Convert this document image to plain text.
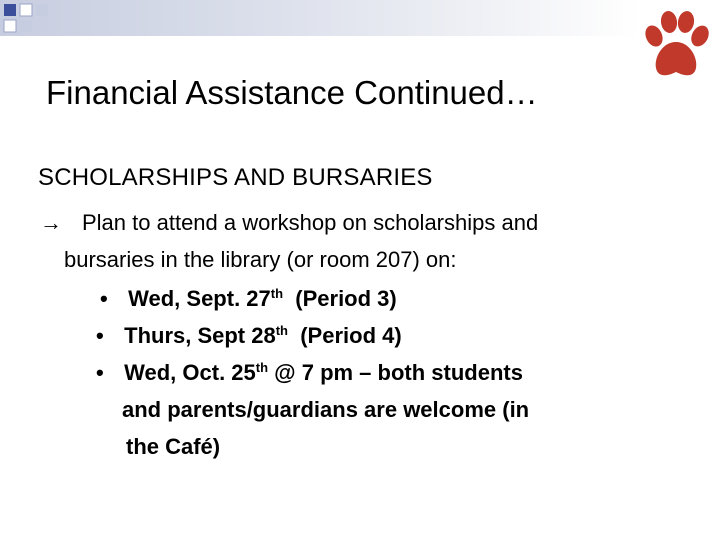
Financial Assistance Continued…
SCHOLARSHIPS AND BURSARIES
→ Plan to attend a workshop on scholarships and
bursaries in the library (or room 207) on:
• Wed, Sept. 27th  (Period 3)
• Thurs, Sept 28th  (Period 4)
• Wed, Oct. 25th @ 7 pm – both students
and parents/guardians are welcome (in
the Café)
